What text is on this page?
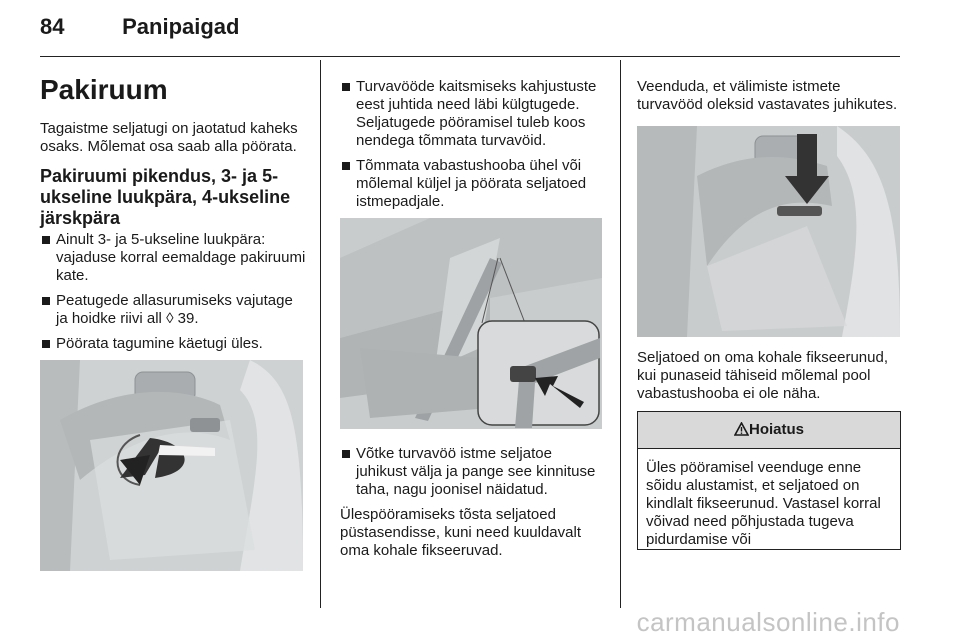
84	Panipaigad
Pakiruum

Tagaistme seljatugi on jaotatud kaheks osaks. Mõlemat osa saab alla pöörata.

Pakiruumi pikendus, 3- ja 5-ukseline luukpära, 4-ukseline järskpära
Ainult 3- ja 5-ukseline luukpära: vajaduse korral eemaldage pakiruumi kate.
Peatugede allasurumiseks vajutage ja hoidke riivi all ◊ 39.
Pöörata tagumine käetugi üles.
Turvavööde kaitsmiseks kahjustuste eest juhtida need läbi külgtugede. Seljatugede pööramisel tuleb koos nendega tõmmata turvavöid.
Tõmmata vabastushooba ühel või mõlemal küljel ja pöörata seljatoed istmepadjale.
Võtke turvavöö istme seljatoe juhikust välja ja pange see kinnituse taha, nagu joonisel näidatud.

Ülespööramiseks tõsta seljatoed püstasendisse, kuni need kuuldavalt oma kohale fikseeruvad.

Veenduda, et välimiste istmete turvavööd oleksid vastavates juhikutes.

Seljatoed on oma kohale fikseerunud, kui punaseid tähiseid mõlemal pool vabastushooba ei ole näha.

Hoiatus
Üles pööramisel veenduge enne sõidu alustamist, et seljatoed on kindlalt fikseerunud. Vastasel korral võivad need põhjustada tugeva pidurdamise või
carmanualsonline.info
